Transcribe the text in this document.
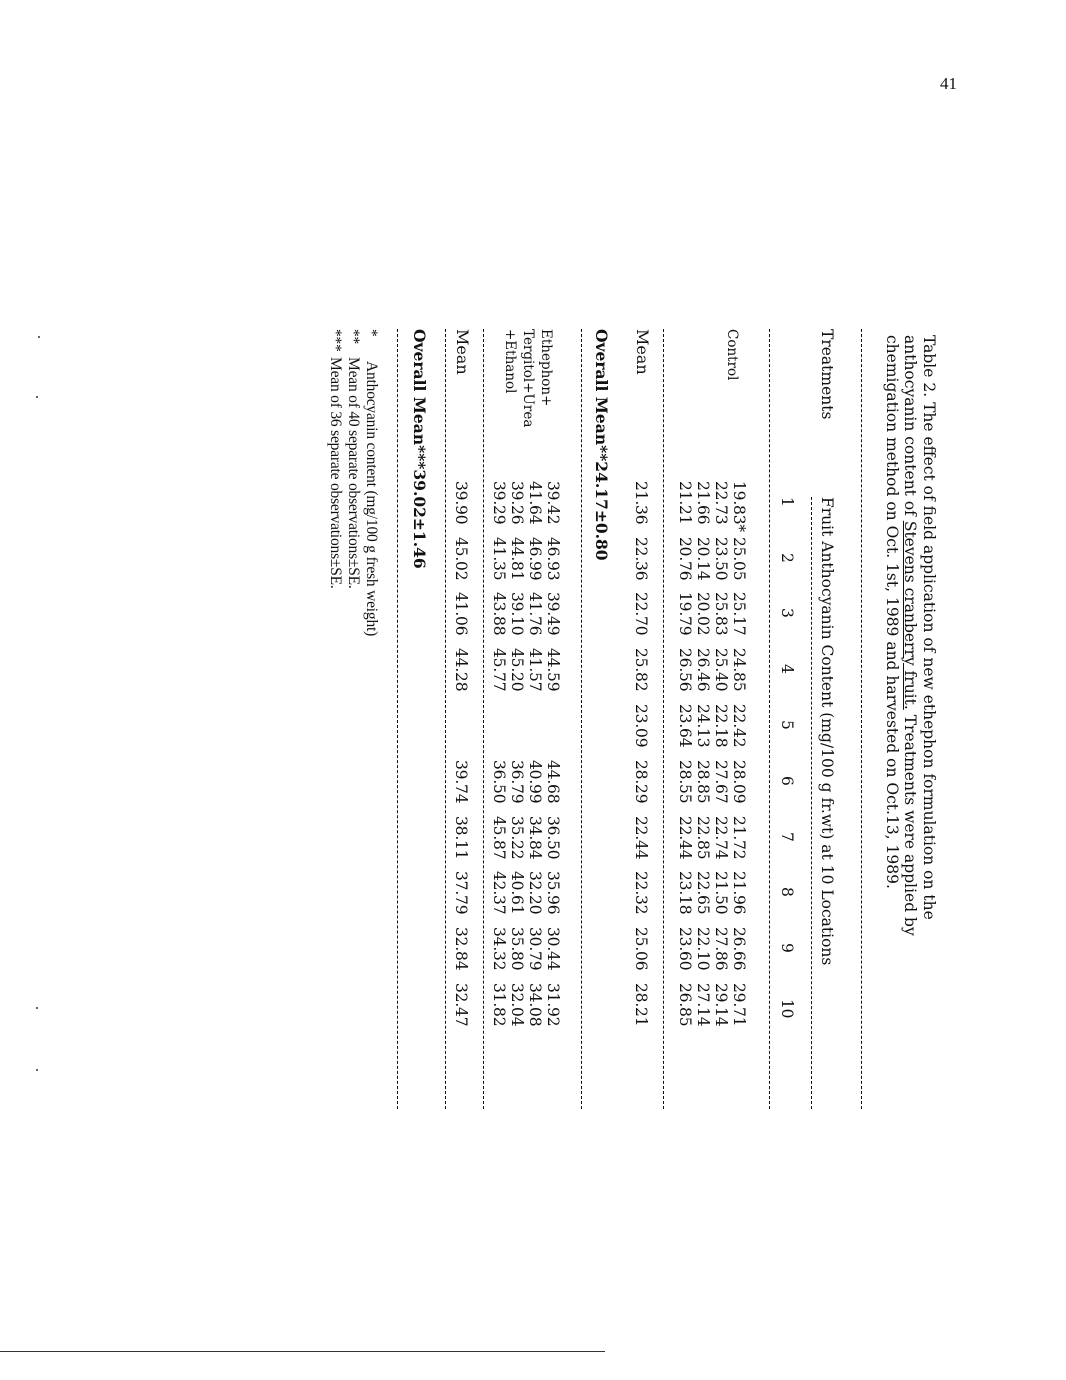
41
Table 2. The effect of field application of new ethephon formulation on the
anthocyanin content of Stevens cranberry fruit. Treatments were applied by
chemigation method on Oct. 1st, 1989 and harvested on Oct.13, 1989.
Treatments
Fruit Anthocyanin Content (mg/100 g fr.wt) at 10 Locations
Control
Mean
Overall Mean**24.17±0.80
Ethephon+
Tergitol+Urea
+Ethanol
Mean
Overall Mean***39.02±1.46	1
2
3
4
5
6
7
8
9
10
19.83*
25.05
25.17
24.85
22.42
28.09
21.72
21.96
26.66
29.71
22.73
23.50
25.83
25.40
22.18
27.67
22.74
21.50
27.86
29.14
21.66
20.14
20.02
26.46
24.13
28.85
22.85
22.65
22.10
27.14
21.21
20.76
19.79
26.56
23.64
28.55
22.44
23.18
23.60
26.85
21.36
22.36
22.70
25.82
23.09
28.29
22.44
22.32
25.06
28.21
39.42
46.93
39.49
44.59
44.68
36.50
35.96
30.44
31.92
41.64
46.99
41.76
41.57
40.99
34.84
32.20
30.79
34.08
39.26
44.81
39.10
45.20
36.79
35.22
40.61
35.80
32.04
39.29
41.35
43.88
45.77
36.50
45.87
42.37
34.32
31.82
39.90
45.02
41.06
44.28
39.74
38.11
37.79
32.84
32.47
*
Anthocyanin content (mg/100 g fresh weight)
**
Mean of 40 separate observations±SE.
***
Mean of 36 separate observations±SE.
